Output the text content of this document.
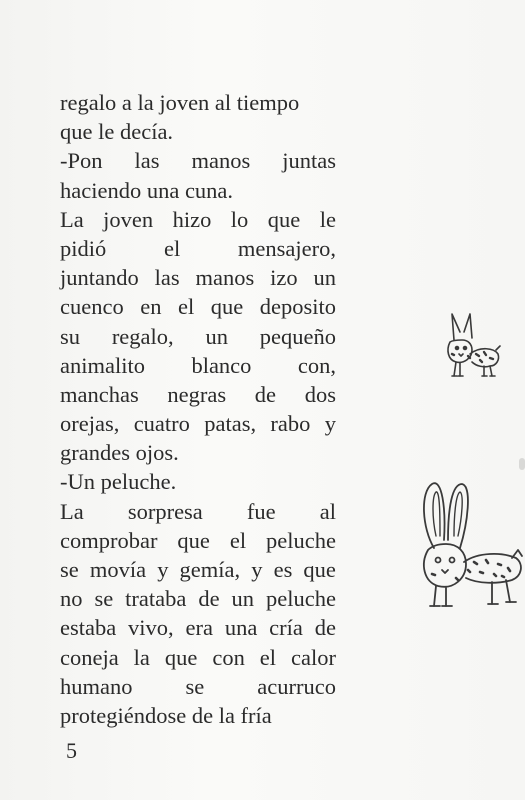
regalo a la joven al tiempo
que le decía.
-Pon las manos juntas
haciendo una cuna.
La joven hizo lo que le
pidió	el	mensajero,
juntando las manos izo un
cuenco en el que deposito
su regalo, un pequeño
animalito blanco con,
manchas negras de dos
orejas, cuatro patas, rabo y
grandes ojos.
-Un peluche.
La sorpresa fue al
comprobar que el peluche
se movía y gemía, y es que
no se trataba de un peluche
estaba vivo, era una cría de
coneja la que con el calor
humano se acurruco
protegiéndose de la fría
5
